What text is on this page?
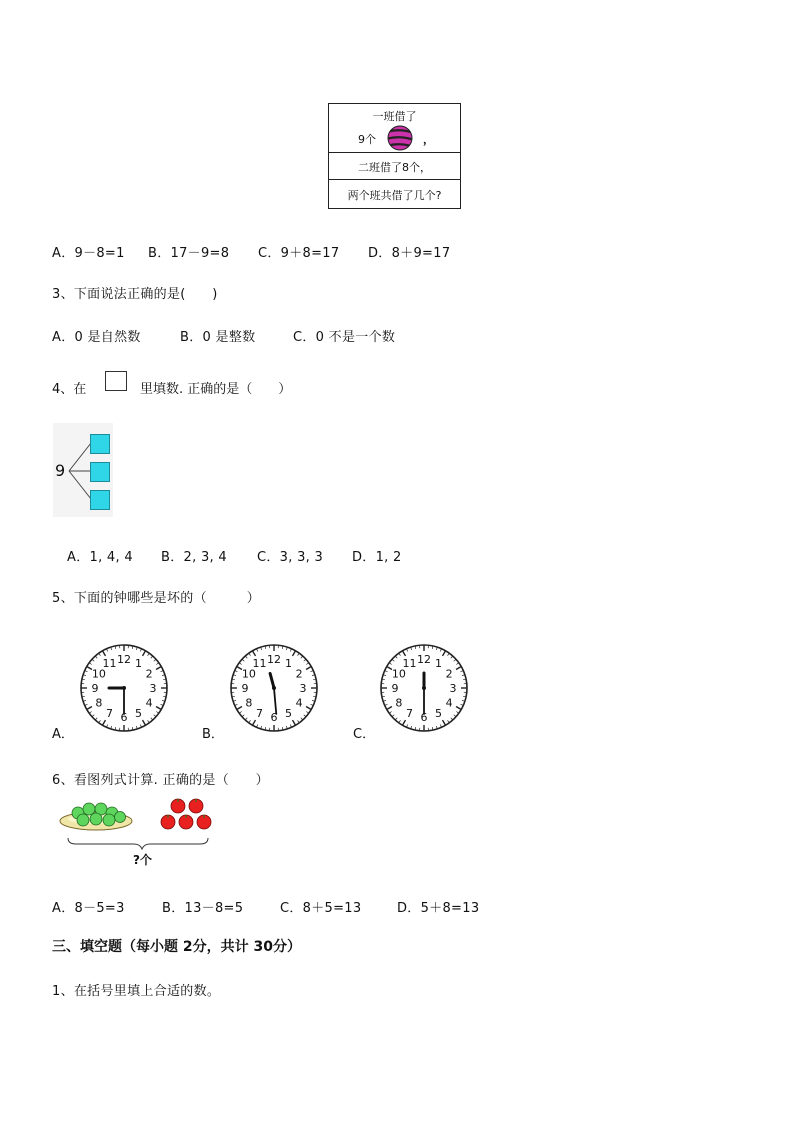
一班借了
9个	，
二班借了8个，
两个班共借了几个?
A．9－8=1 B．17－9=8 C．9＋8=17 D．8＋9=17
3、下面说法正确的是(　　)
A．0 是自然数	B．0 是整数	C．0 不是一个数
4、在	里填数. 正确的是（　　）
9
A．1, 4, 4 B．2, 3, 4 C．3, 3, 3 D．1, 2
5、下面的钟哪些是坏的（　　　）
12 1
2
3
4
5
6
7
8
9
10
11	12 1
2
3
4
5
6
7
8
9
10
11	12 1
2
3
4
5
6
7
8
9
10
11
A．	B．	C．
6、看图列式计算. 正确的是（　　）
?个
A．8－5=3	B．13－8=5	C．8＋5=13	D．5＋8=13
三、填空题（每小题 2分，共计 30分）
1、在括号里填上合适的数。
